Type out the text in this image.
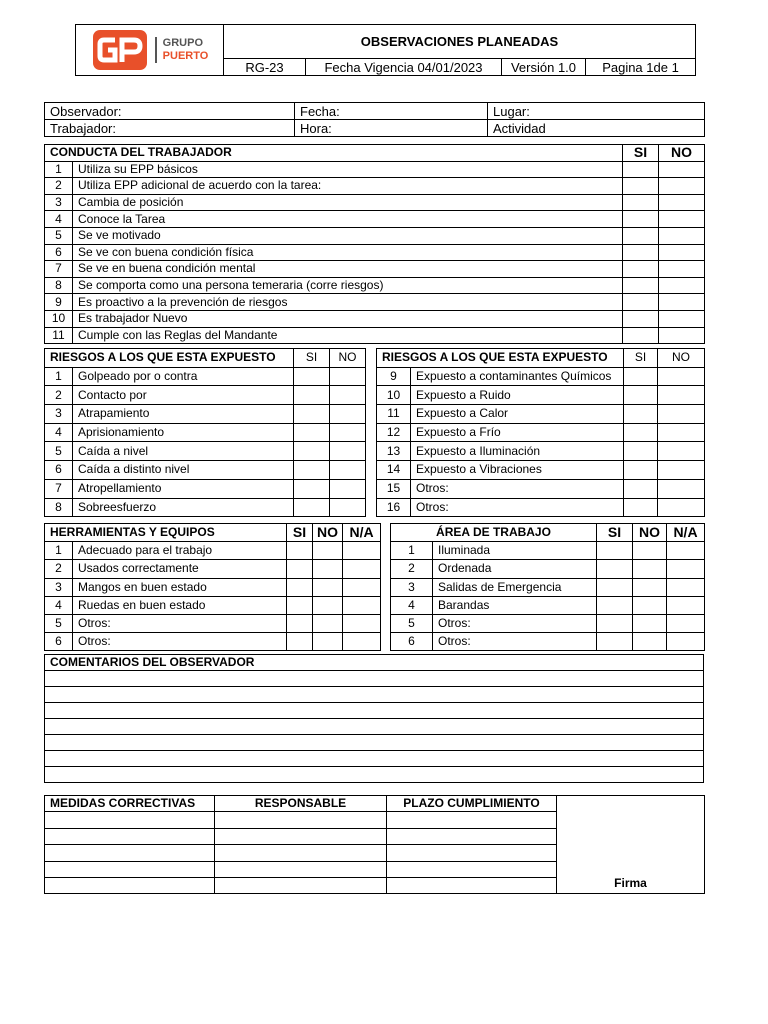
GRUPO
PUERTO	OBSERVACIONES PLANEADAS			
	RG-23	Fecha Vigencia 04/01/2023	Versión 1.0	Pagina 1de 1
Observador:	Fecha:	Lugar:
Trabajador:	Hora:	Actividad
CONDUCTA DEL TRABAJADOR		SI	NO
1	Utiliza su EPP básicos		
2	Utiliza EPP adicional de acuerdo con la tarea:		
3	Cambia de posición		
4	Conoce la Tarea		
5	Se ve motivado		
6	Se ve con buena condición física		
7	Se ve en buena condición mental		
8	Se comporta como una persona temeraria (corre riesgos)		
9	Es proactivo a la prevención de riesgos		
10	Es trabajador Nuevo		
11	Cumple con las Reglas del Mandante		
RIESGOS A LOS QUE ESTA EXPUESTO		SI	NO
1	Golpeado por o contra		
2	Contacto por		
3	Atrapamiento		
4	Aprisionamiento		
5	Caída a nivel		
6	Caída a distinto nivel		
7	Atropellamiento		
8	Sobreesfuerzo		
RIESGOS A LOS QUE ESTA EXPUESTO		SI	NO
9	Expuesto a contaminantes Químicos		
10	Expuesto a Ruido		
11	Expuesto a Calor		
12	Expuesto a Frío		
13	Expuesto a Iluminación		
14	Expuesto a Vibraciones		
15	Otros:		
16	Otros:		
HERRAMIENTAS Y EQUIPOS		SI	NO	N/A
1	Adecuado para el trabajo			
2	Usados correctamente			
3	Mangos en buen estado			
4	Ruedas en buen estado			
5	Otros:			
6	Otros:			
ÁREA DE TRABAJO		SI	NO	N/A
1	Iluminada			
2	Ordenada			
3	Salidas de Emergencia			
4	Barandas			
5	Otros:			
6	Otros:			
COMENTARIOS DEL OBSERVADOR

MEDIDAS CORRECTIVAS	RESPONSABLE	PLAZO CUMPLIMIENTO	Firma
